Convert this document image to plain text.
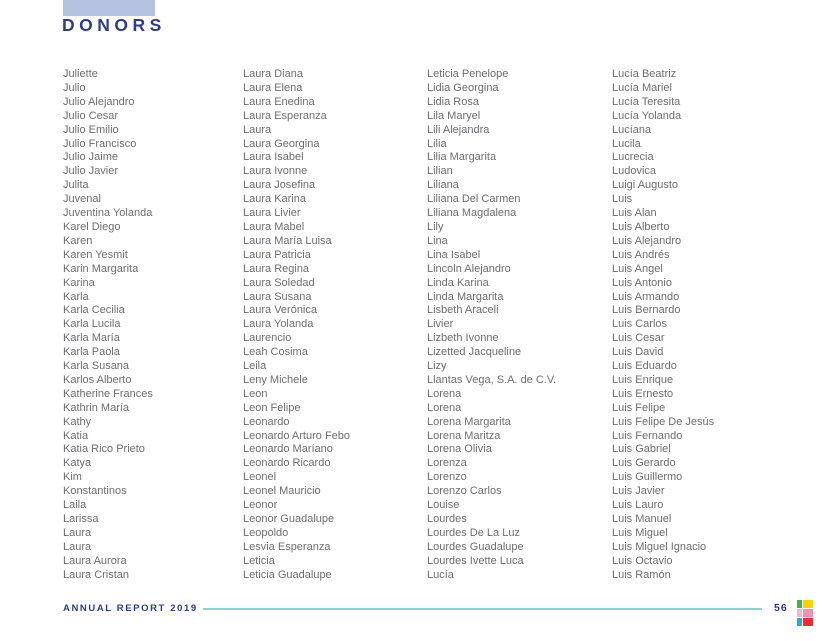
DONORS
Juliette
Julio
Julio Alejandro
Julio Cesar
Julio Emilio
Julio Francisco
Julio Jaime
Julio Javier
Julita
Juvenal
Juventina Yolanda
Karel Diego
Karen
Karen Yesmit
Karin Margarita
Karina
Karla
Karla Cecilia
Karla Lucila
Karla María
Karla Paola
Karla Susana
Karlos Alberto
Katherine Frances
Kathrin María
Kathy
Katia
Katia Rico Prieto
Katya
Kim
Konstantinos
Laila
Larissa
Laura
Laura
Laura Aurora
Laura Cristan
Laura Diana
Laura Elena
Laura Enedina
Laura Esperanza
Laura
Laura Georgina
Laura Isabel
Laura Ivonne
Laura Josefina
Laura Karina
Laura Livier
Laura Mabel
Laura María Luisa
Laura Patricia
Laura Regina
Laura Soledad
Laura Susana
Laura Verónica
Laura Yolanda
Laurencio
Leah Cosima
Leila
Leny Michele
Leon
Leon Felipe
Leonardo
Leonardo Arturo Febo
Leonardo Maríano
Leonardo Ricardo
Leonel
Leonel Mauricio
Leonor
Leonor Guadalupe
Leopoldo
Lesvia Esperanza
Leticia
Leticia Guadalupe
Leticia Penelope
Lidia Georgina
Lidia Rosa
Lila Maryel
Lili Alejandra
Lilia
Lilia Margarita
Lilian
Liliana
Liliana Del Carmen
Liliana Magdalena
Lily
Lina
Lina Isabel
Lincoln Alejandro
Linda Karina
Linda Margarita
Lisbeth Araceli
Livier
Lizbeth Ivonne
Lizetted Jacqueline
Lizy
Llantas Vega, S.A. de C.V.
Lorena
Lorena
Lorena Margarita
Lorena Maritza
Lorena Olivia
Lorenza
Lorenzo
Lorenzo Carlos
Louise
Lourdes
Lourdes De La Luz
Lourdes Guadalupe
Lourdes Ivette Luca
Lucía
Lucía Beatriz
Lucía Mariel
Lucía Teresita
Lucía Yolanda
Lucíana
Lucila
Lucrecia
Ludovica
Luigi Augusto
Luis
Luis Alan
Luis Alberto
Luis Alejandro
Luis Andrés
Luis Angel
Luis Antonio
Luis Armando
Luis Bernardo
Luis Carlos
Luis Cesar
Luis David
Luis Eduardo
Luis Enrique
Luis Ernesto
Luis Felipe
Luis Felipe De Jesús
Luis Fernando
Luis Gabriel
Luis Gerardo
Luis Guillermo
Luis Javier
Luis Lauro
Luis Manuel
Luis Miguel
Luis Miguel Ignacio
Luis Octavio
Luis Ramón
ANNUAL REPORT 2019	56
